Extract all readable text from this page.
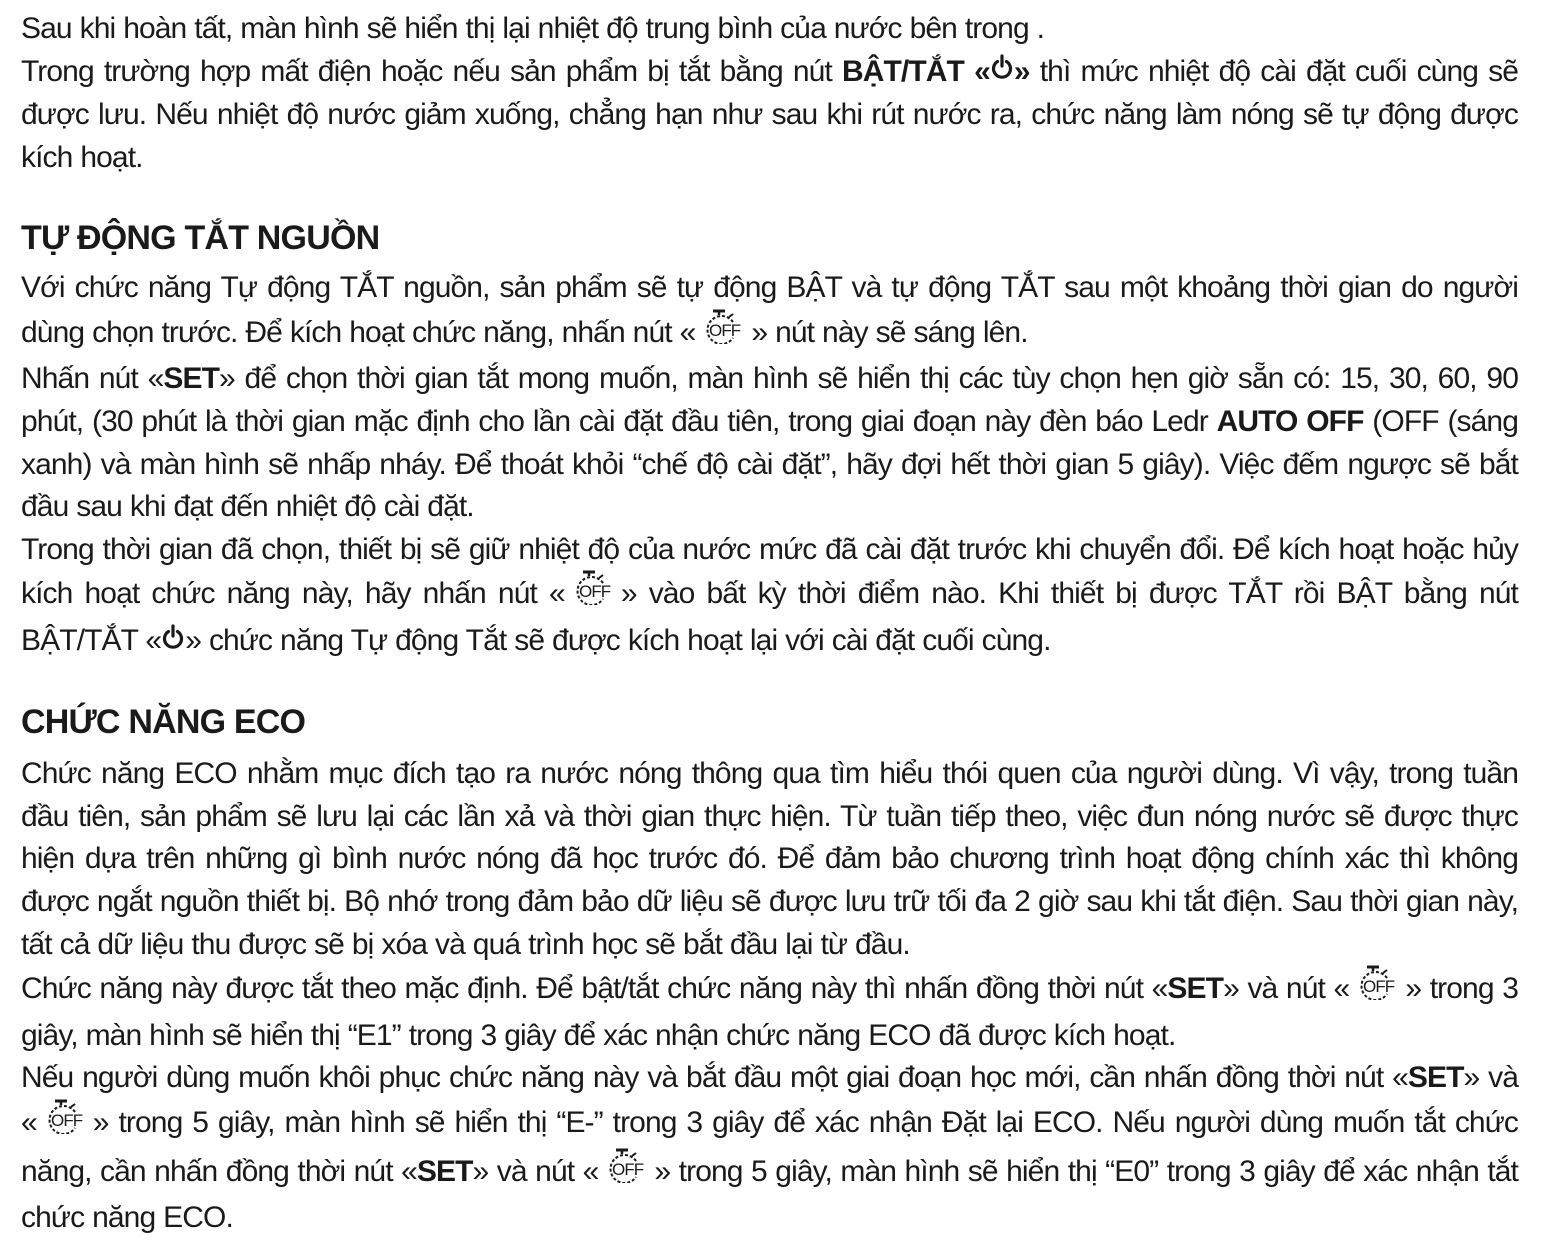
Sau khi hoàn tất, màn hình sẽ hiển thị lại nhiệt độ trung bình của nước bên trong .
Trong trường hợp mất điện hoặc nếu sản phẩm bị tắt bằng nút BẬT/TẮT « » thì mức nhiệt độ cài đặt cuối cùng sẽ được lưu. Nếu nhiệt độ nước giảm xuống, chẳng hạn như sau khi rút nước ra, chức năng làm nóng sẽ tự động được kích hoạt.

TỰ ĐỘNG TẮT NGUỒN

Với chức năng Tự động TẮT nguồn, sản phẩm sẽ tự động BẬT và tự động TẮT sau một khoảng thời gian do người dùng chọn trước. Để kích hoạt chức năng, nhấn nút « OFF » nút này sẽ sáng lên.
Nhấn nút «SET» để chọn thời gian tắt mong muốn, màn hình sẽ hiển thị các tùy chọn hẹn giờ sẵn có: 15, 30, 60, 90 phút, (30 phút là thời gian mặc định cho lần cài đặt đầu tiên, trong giai đoạn này đèn báo Ledr AUTO OFF (OFF (sáng xanh) và màn hình sẽ nhấp nháy. Để thoát khỏi “chế độ cài đặt”, hãy đợi hết thời gian 5 giây). Việc đếm ngược sẽ bắt đầu sau khi đạt đến nhiệt độ cài đặt.
Trong thời gian đã chọn, thiết bị sẽ giữ nhiệt độ của nước mức đã cài đặt trước khi chuyển đổi. Để kích hoạt hoặc hủy kích hoạt chức năng này, hãy nhấn nút « OFF » vào bất kỳ thời điểm nào. Khi thiết bị được TẮT rồi BẬT bằng nút BẬT/TẮT « » chức năng Tự động Tắt sẽ được kích hoạt lại với cài đặt cuối cùng.

CHỨC NĂNG ECO

Chức năng ECO nhằm mục đích tạo ra nước nóng thông qua tìm hiểu thói quen của người dùng. Vì vậy, trong tuần đầu tiên, sản phẩm sẽ lưu lại các lần xả và thời gian thực hiện. Từ tuần tiếp theo, việc đun nóng nước sẽ được thực hiện dựa trên những gì bình nước nóng đã học trước đó. Để đảm bảo chương trình hoạt động chính xác thì không được ngắt nguồn thiết bị. Bộ nhớ trong đảm bảo dữ liệu sẽ được lưu trữ tối đa 2 giờ sau khi tắt điện. Sau thời gian này, tất cả dữ liệu thu được sẽ bị xóa và quá trình học sẽ bắt đầu lại từ đầu.
Chức năng này được tắt theo mặc định. Để bật/tắt chức năng này thì nhấn đồng thời nút «SET» và nút « OFF » trong 3 giây, màn hình sẽ hiển thị “E1” trong 3 giây để xác nhận chức năng ECO đã được kích hoạt.
Nếu người dùng muốn khôi phục chức năng này và bắt đầu một giai đoạn học mới, cần nhấn đồng thời nút «SET» và « OFF » trong 5 giây, màn hình sẽ hiển thị “E-” trong 3 giây để xác nhận Đặt lại ECO. Nếu người dùng muốn tắt chức năng, cần nhấn đồng thời nút «SET» và nút « OFF » trong 5 giây, màn hình sẽ hiển thị “E0” trong 3 giây để xác nhận tắt chức năng ECO.
